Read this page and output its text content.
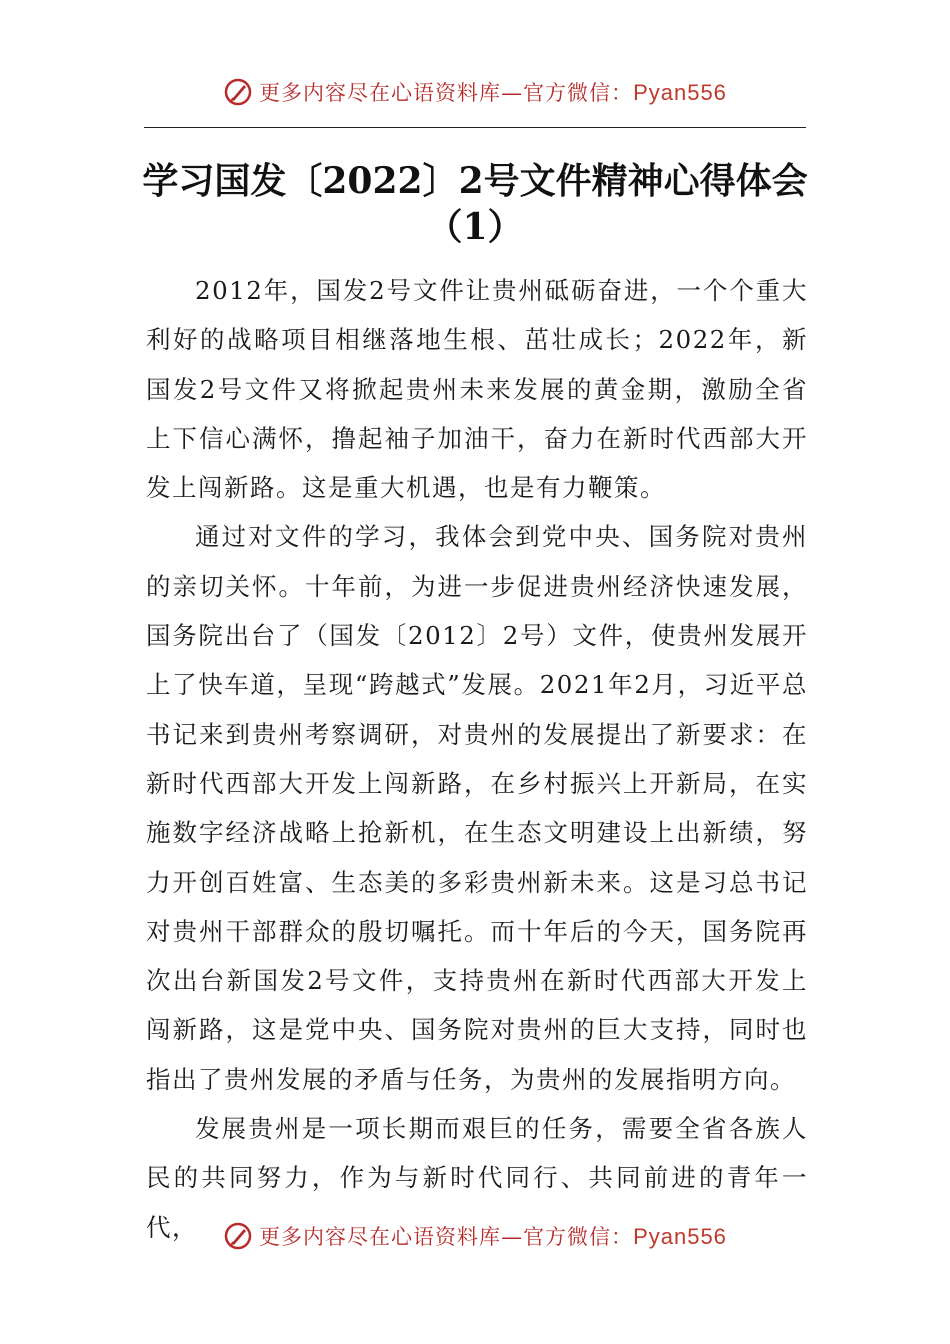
更多内容尽在心语资料库—官方微信：Pyan556
学习国发〔2022〕2号文件精神心得体会（1）

2012年，国发2号文件让贵州砥砺奋进，一个个重大利好的战略项目相继落地生根、茁壮成长；2022年，新国发2号文件又将掀起贵州未来发展的黄金期，激励全省上下信心满怀，撸起袖子加油干，奋力在新时代西部大开发上闯新路。这是重大机遇，也是有力鞭策。

通过对文件的学习，我体会到党中央、国务院对贵州的亲切关怀。十年前，为进一步促进贵州经济快速发展，国务院出台了（国发〔2012〕2号）文件，使贵州发展开上了快车道，呈现“跨越式”发展。2021年2月，习近平总书记来到贵州考察调研，对贵州的发展提出了新要求：在新时代西部大开发上闯新路，在乡村振兴上开新局，在实施数字经济战略上抢新机，在生态文明建设上出新绩，努力开创百姓富、生态美的多彩贵州新未来。这是习总书记对贵州干部群众的殷切嘱托。而十年后的今天，国务院再次出台新国发2号文件，支持贵州在新时代西部大开发上闯新路，这是党中央、国务院对贵州的巨大支持，同时也指出了贵州发展的矛盾与任务，为贵州的发展指明方向。

发展贵州是一项长期而艰巨的任务，需要全省各族人民的共同努力，作为与新时代同行、共同前进的青年一代，	更多内容尽在心语资料库—官方微信：Pyan556
